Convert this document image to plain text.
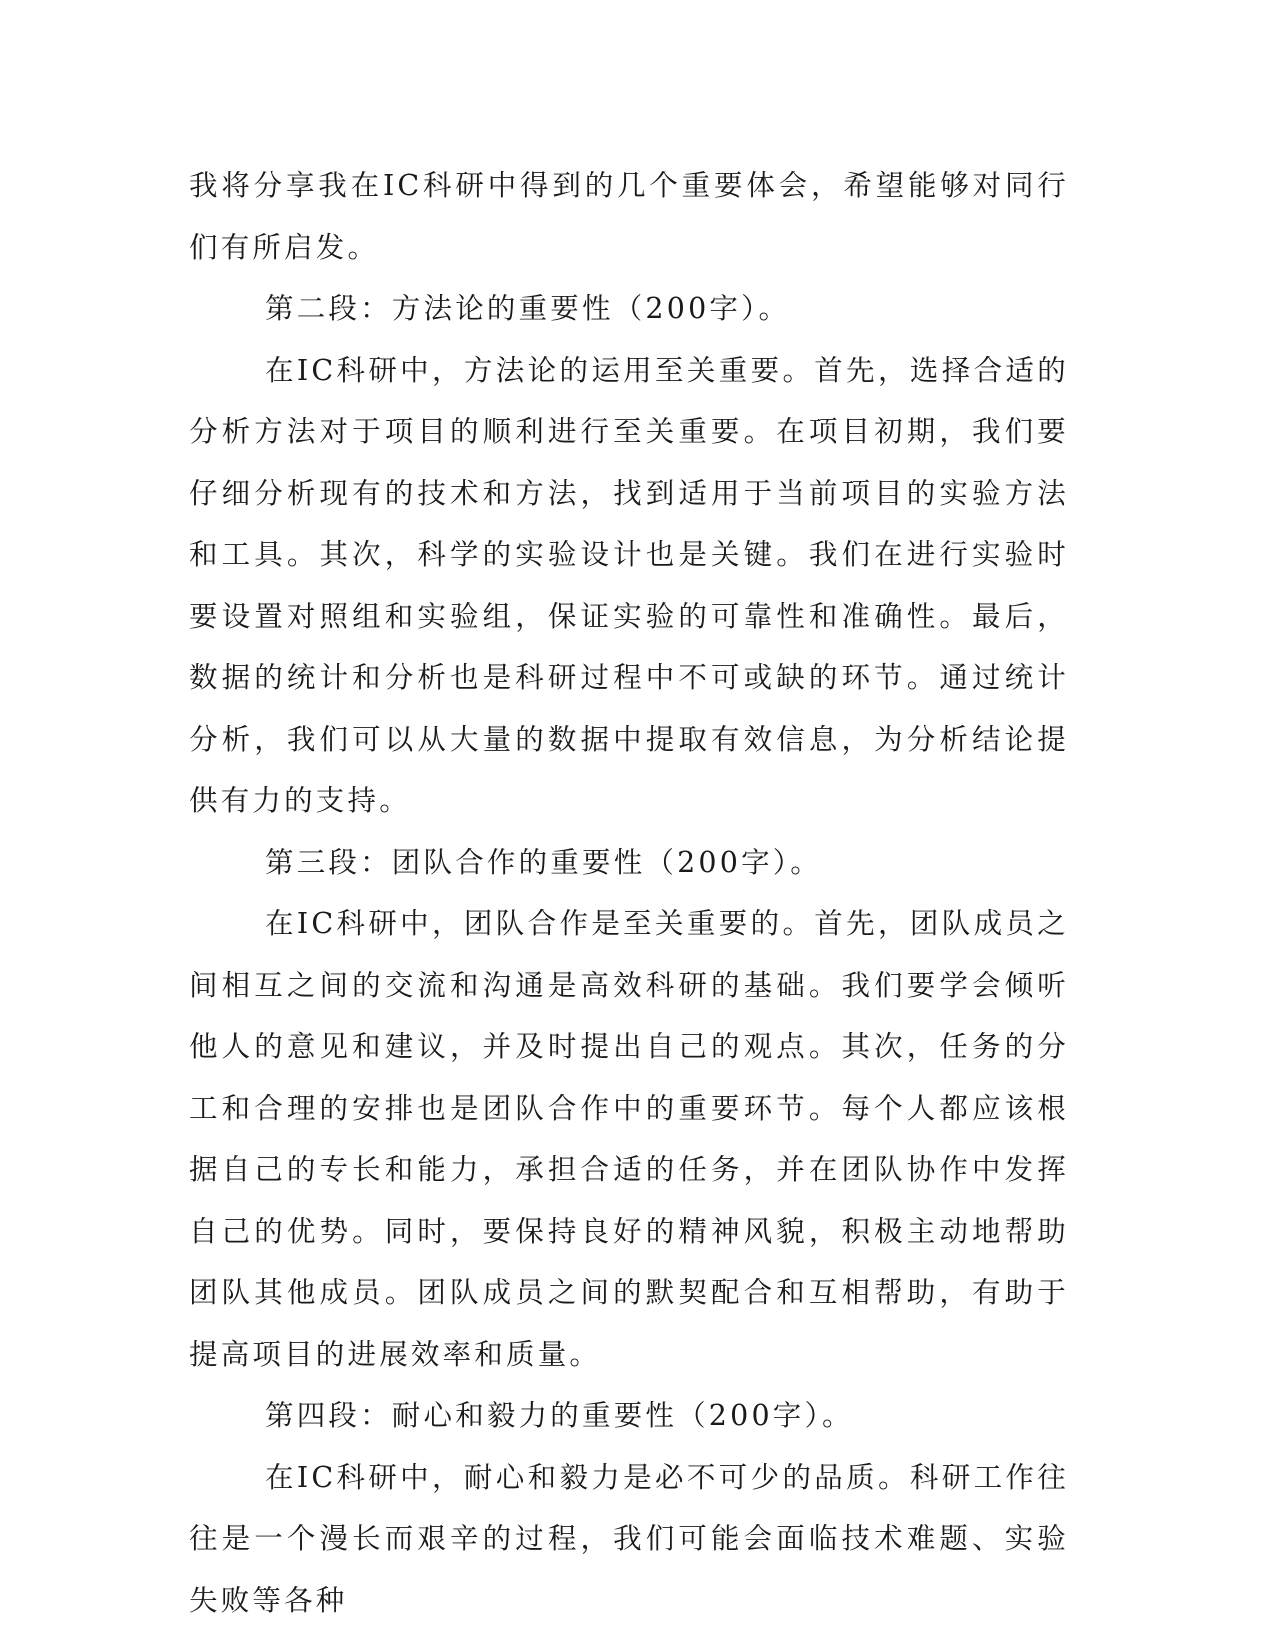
我将分享我在IC科研中得到的几个重要体会，希望能够对同行们有所启发。

第二段：方法论的重要性（200字）。

在IC科研中，方法论的运用至关重要。首先，选择合适的分析方法对于项目的顺利进行至关重要。在项目初期，我们要仔细分析现有的技术和方法，找到适用于当前项目的实验方法和工具。其次，科学的实验设计也是关键。我们在进行实验时要设置对照组和实验组，保证实验的可靠性和准确性。最后，数据的统计和分析也是科研过程中不可或缺的环节。通过统计分析，我们可以从大量的数据中提取有效信息，为分析结论提供有力的支持。

第三段：团队合作的重要性（200字）。

在IC科研中，团队合作是至关重要的。首先，团队成员之间相互之间的交流和沟通是高效科研的基础。我们要学会倾听他人的意见和建议，并及时提出自己的观点。其次，任务的分工和合理的安排也是团队合作中的重要环节。每个人都应该根据自己的专长和能力，承担合适的任务，并在团队协作中发挥自己的优势。同时，要保持良好的精神风貌，积极主动地帮助团队其他成员。团队成员之间的默契配合和互相帮助，有助于提高项目的进展效率和质量。

第四段：耐心和毅力的重要性（200字）。

在IC科研中，耐心和毅力是必不可少的品质。科研工作往往是一个漫长而艰辛的过程，我们可能会面临技术难题、实验失败等各种
